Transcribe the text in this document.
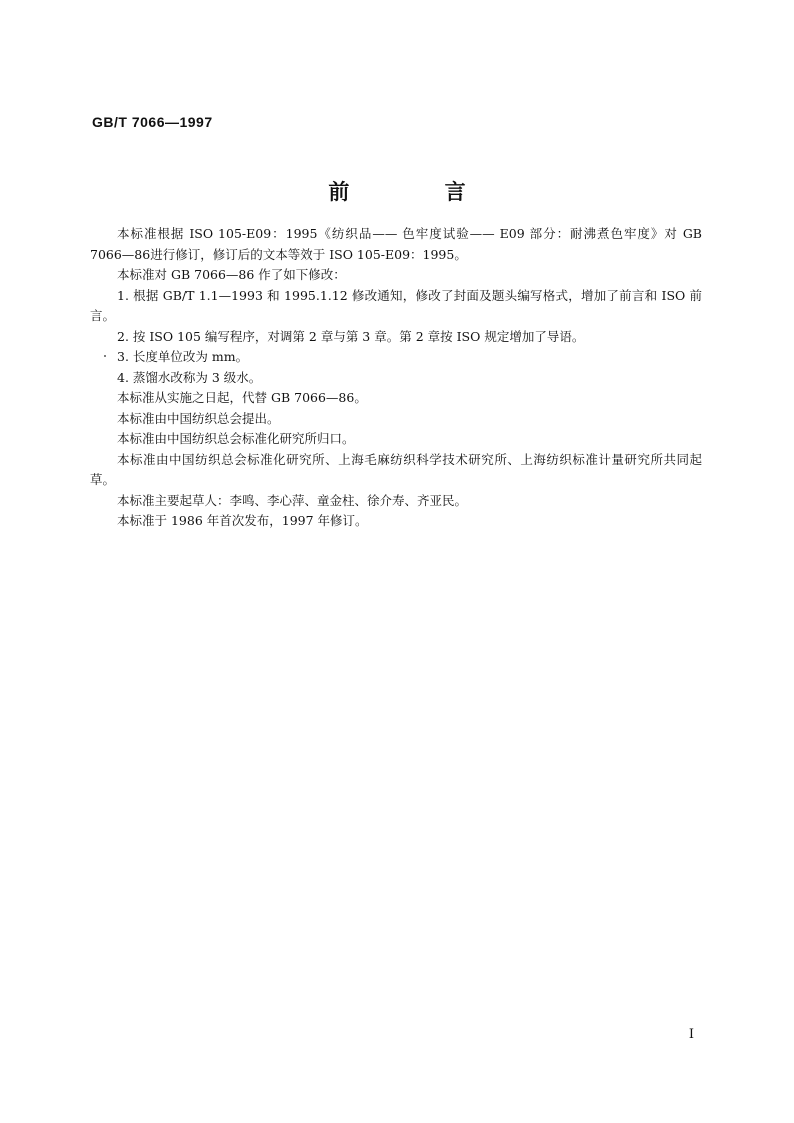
GB/T 7066—1997
前 言

本标准根据 ISO 105-E09：1995《纺织品—— 色牢度试验—— E09 部分：耐沸煮色牢度》对 GB 7066—86进行修订，修订后的文本等效于 ISO 105-E09：1995。

本标准对 GB 7066—86 作了如下修改：

1. 根据 GB/T 1.1—1993 和 1995.1.12 修改通知，修改了封面及题头编写格式，增加了前言和 ISO 前言。

2. 按 ISO 105 编写程序，对调第 2 章与第 3 章。第 2 章按 ISO 规定增加了导语。

3. 长度单位改为 mm。

4. 蒸馏水改称为 3 级水。

本标准从实施之日起，代替 GB 7066—86。

本标准由中国纺织总会提出。

本标准由中国纺织总会标准化研究所归口。

本标准由中国纺织总会标准化研究所、上海毛麻纺织科学技术研究所、上海纺织标准计量研究所共同起草。

本标准主要起草人：李鸣、李心萍、童金柱、徐介寿、齐亚民。

本标准于 1986 年首次发布，1997 年修订。

I
